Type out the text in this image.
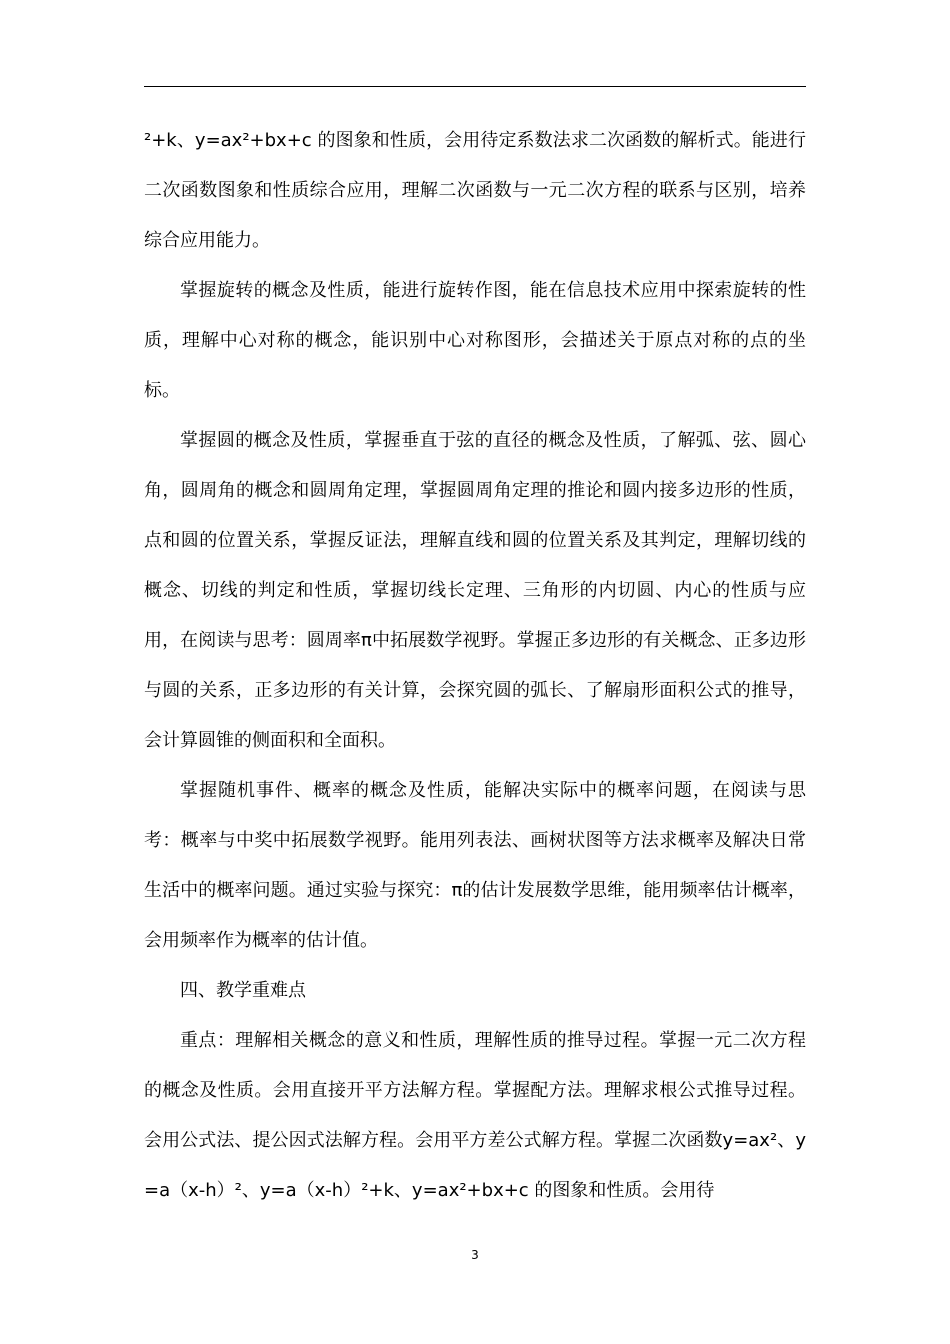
²+k、y=ax²+bx+c 的图象和性质，会用待定系数法求二次函数的解析式。能进行二次函数图象和性质综合应用，理解二次函数与一元二次方程的联系与区别，培养综合应用能力。

掌握旋转的概念及性质，能进行旋转作图，能在信息技术应用中探索旋转的性质，理解中心对称的概念，能识别中心对称图形，会描述关于原点对称的点的坐标。

掌握圆的概念及性质，掌握垂直于弦的直径的概念及性质，了解弧、弦、圆心角，圆周角的概念和圆周角定理，掌握圆周角定理的推论和圆内接多边形的性质，点和圆的位置关系，掌握反证法，理解直线和圆的位置关系及其判定，理解切线的概念、切线的判定和性质，掌握切线长定理、三角形的内切圆、内心的性质与应用，在阅读与思考：圆周率π中拓展数学视野。掌握正多边形的有关概念、正多边形与圆的关系，正多边形的有关计算，会探究圆的弧长、了解扇形面积公式的推导，会计算圆锥的侧面积和全面积。

掌握随机事件、概率的概念及性质，能解决实际中的概率问题，在阅读与思考：概率与中奖中拓展数学视野。能用列表法、画树状图等方法求概率及解决日常生活中的概率问题。通过实验与探究：π的估计发展数学思维，能用频率估计概率，会用频率作为概率的估计值。

四、教学重难点

重点：理解相关概念的意义和性质，理解性质的推导过程。掌握一元二次方程的概念及性质。会用直接开平方法解方程。掌握配方法。理解求根公式推导过程。会用公式法、提公因式法解方程。会用平方差公式解方程。掌握二次函数y=ax²、y=a（x-h）²、y=a（x-h）²+k、y=ax²+bx+c 的图象和性质。会用待

3
